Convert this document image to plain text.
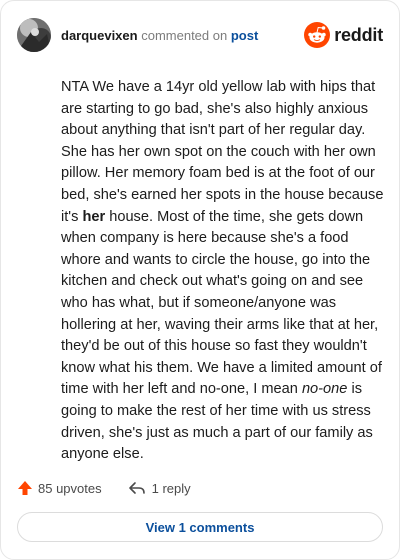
darquevixen commented on post	reddit
NTA We have a 14yr old yellow lab with hips that are starting to go bad, she's also highly anxious about anything that isn't part of her regular day. She has her own spot on the couch with her own pillow. Her memory foam bed is at the foot of our bed, she's earned her spots in the house because it's her house. Most of the time, she gets down when company is here because she's a food whore and wants to circle the house, go into the kitchen and check out what's going on and see who has what, but if someone/anyone was hollering at her, waving their arms like that at her, they'd be out of this house so fast they wouldn't know what his them. We have a limited amount of time with her left and no-one, I mean no-one is going to make the rest of her time with us stress driven, she's just as much a part of our family as anyone else.
85 upvotes	1 reply
View 1 comments
